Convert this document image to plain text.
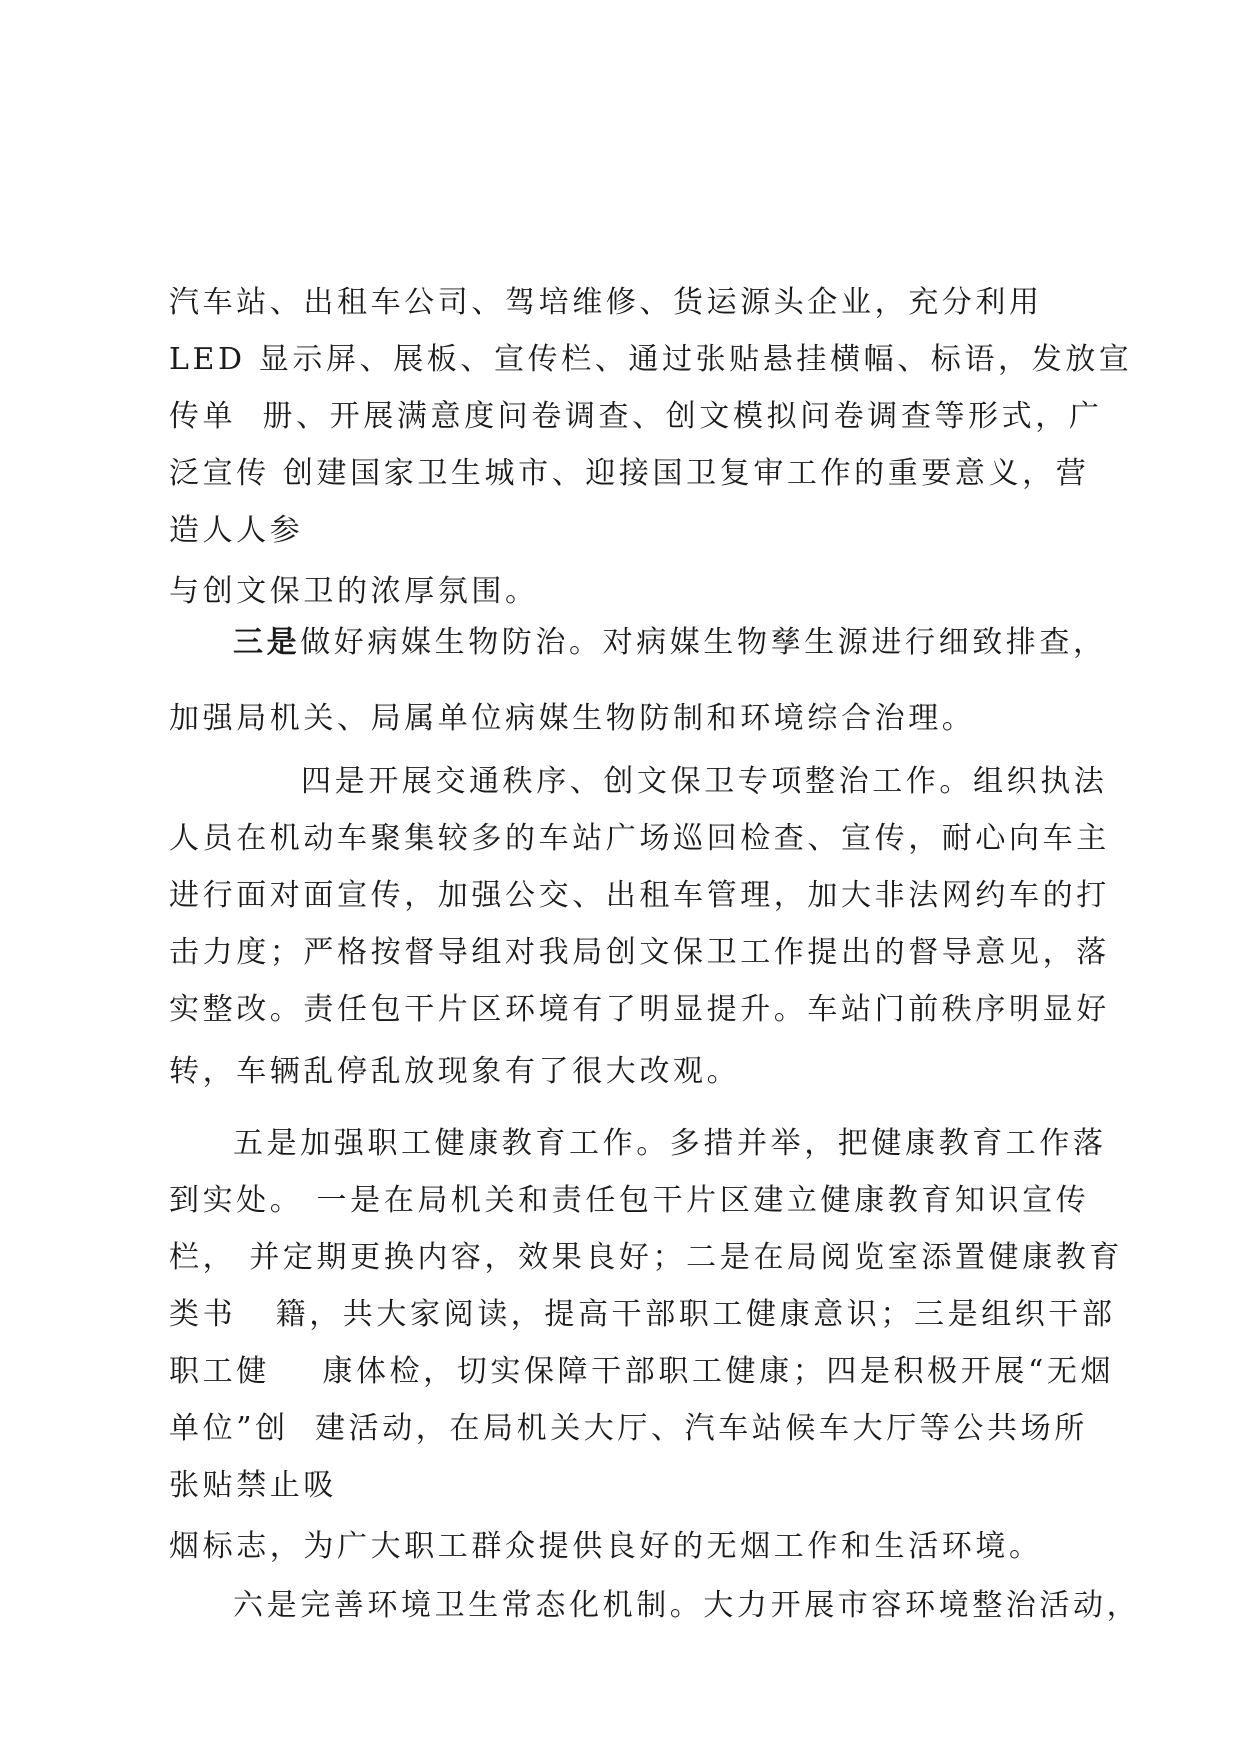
汽车站、出租车公司、驾培维修、货运源头企业，充分利用
LED 显示屏、展板、宣传栏、通过张贴悬挂横幅、标语，发放宣
传单  册、开展满意度问卷调查、创文模拟问卷调查等形式，广
泛宣传 创建国家卫生城市、迎接国卫复审工作的重要意义，营
造人人参
与创文保卫的浓厚氛围。
三是做好病媒生物防治。对病媒生物孳生源进行细致排查，
加强局机关、局属单位病媒生物防制和环境综合治理。
四是开展交通秩序、创文保卫专项整治工作。组织执法
人员在机动车聚集较多的车站广场巡回检查、宣传，耐心向车主
进行面对面宣传，加强公交、出租车管理，加大非法网约车的打
击力度；严格按督导组对我局创文保卫工作提出的督导意见，落
实整改。责任包干片区环境有了明显提升。车站门前秩序明显好
转，车辆乱停乱放现象有了很大改观。
五是加强职工健康教育工作。多措并举，把健康教育工作落
到实处。 一是在局机关和责任包干片区建立健康教育知识宣传
栏， 并定期更换内容，效果良好；二是在局阅览室添置健康教育
类书   籍，共大家阅读，提高干部职工健康意识；三是组织干部
职工健    康体检，切实保障干部职工健康；四是积极开展“无烟
单位”创  建活动，在局机关大厅、汽车站候车大厅等公共场所
张贴禁止吸
烟标志，为广大职工群众提供良好的无烟工作和生活环境。
六是完善环境卫生常态化机制。大力开展市容环境整治活动，
